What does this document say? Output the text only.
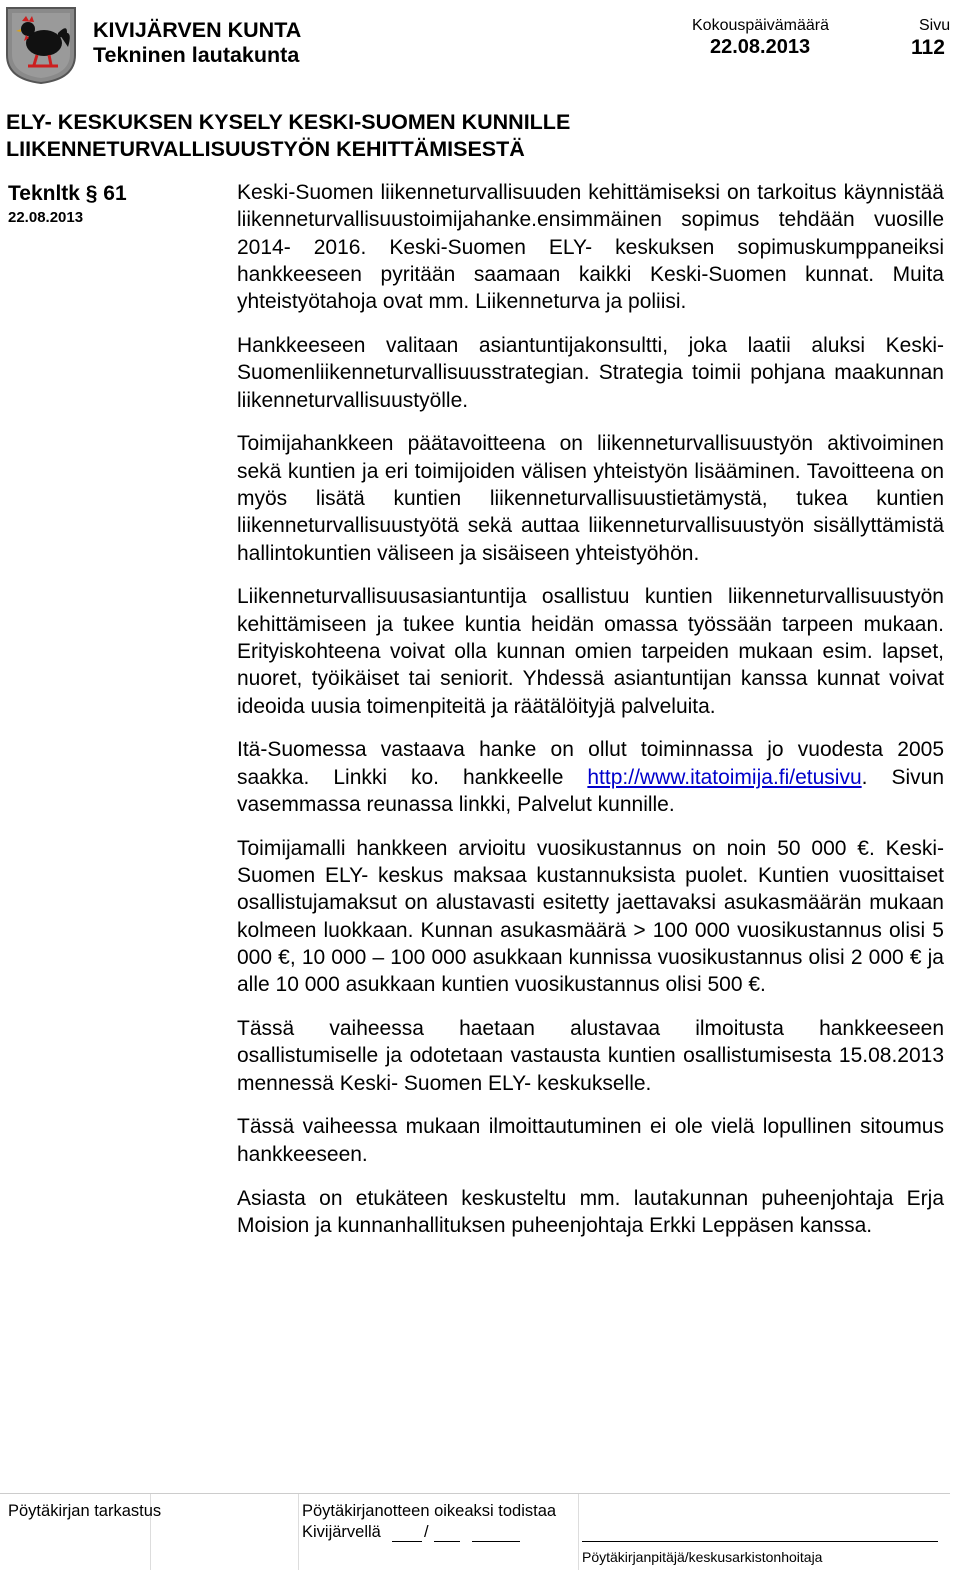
KIVIJÄRVEN KUNTA
Tekninen lautakunta
Kokouspäivämäärä
22.08.2013
Sivu
112
ELY- KESKUKSEN KYSELY KESKI-SUOMEN KUNNILLE
LIIKENNETURVALLISUUSTYÖN KEHITTÄMISESTÄ
Tekn​ltk § 61
22.08.2013

Keski-Suomen liikenneturvallisuuden kehittämiseksi on tarkoitus käynnistää liikenneturvallisuustoimijahanke.ensimmäinen sopimus tehdään vuosille 2014- 2016. Keski-Suomen ELY- keskuksen sopimuskumppaneiksi hankkeeseen pyritään saamaan kaikki Keski-Suomen kunnat. Muita yhteistyötahoja ovat mm. Liikenneturva ja poliisi.

Hankkeeseen valitaan asiantuntijakonsultti, joka laatii aluksi Keski-Suomenliikenneturvallisuusstrategian. Strategia toimii pohjana maakunnan liikenneturvallisuustyölle.

Toimijahankkeen päätavoitteena on liikenneturvallisuustyön aktivoiminen sekä kuntien ja eri toimijoiden välisen yhteistyön lisääminen. Tavoitteena on myös lisätä kuntien liikenneturvallisuustietämystä, tukea kuntien liikenneturvallisuustyötä sekä auttaa liikenneturvallisuustyön sisällyttämistä hallintokuntien väliseen ja sisäiseen yhteistyöhön.

Liikenneturvallisuusasiantuntija osallistuu kuntien liikenneturvallisuustyön kehittämiseen ja tukee kuntia heidän omassa työssään tarpeen mukaan. Erityiskohteena voivat olla kunnan omien tarpeiden mukaan esim. lapset, nuoret, työikäiset tai seniorit. Yhdessä asiantuntijan kanssa kunnat voivat ideoida uusia toimenpiteitä ja räätälöityjä palveluita.

Itä-Suomessa vastaava hanke on ollut toiminnassa jo vuodesta 2005 saakka. Linkki ko. hankkeelle http://www.itatoimija.fi/etusivu. Sivun vasemmassa reunassa linkki, Palvelut kunnille.

Toimijamalli hankkeen arvioitu vuosikustannus on noin 50 000 €. Keski-Suomen ELY- keskus maksaa kustannuksista puolet. Kuntien vuosittaiset osallistujamaksut on alustavasti esitetty jaettavaksi asukasmäärän mukaan kolmeen luokkaan. Kunnan asukasmäärä > 100 000 vuosikustannus olisi 5 000 €, 10 000 – 100 000 asukkaan kunnissa vuosikustannus olisi 2 000 € ja alle 10 000 asukkaan kuntien vuosikustannus olisi 500 €.

Tässä vaiheessa haetaan alustavaa ilmoitusta hankkeeseen osallistumiselle ja odotetaan vastausta kuntien osallistumisesta 15.08.2013 mennessä Keski- Suomen ELY- keskukselle.

Tässä vaiheessa mukaan ilmoittautuminen ei ole vielä lopullinen sitoumus hankkeeseen.

Asiasta on etukäteen keskusteltu mm. lautakunnan puheenjohtaja Erja Moision ja kunnanhallituksen puheenjohtaja Erkki Leppäsen kanssa.

Pöytäkirjan tarkastus	Pöytäkirjanotteen oikeaksi todistaa
Kivijärvellä	/
Pöytäkirjanpitäjä/keskusarkistonhoitaja
